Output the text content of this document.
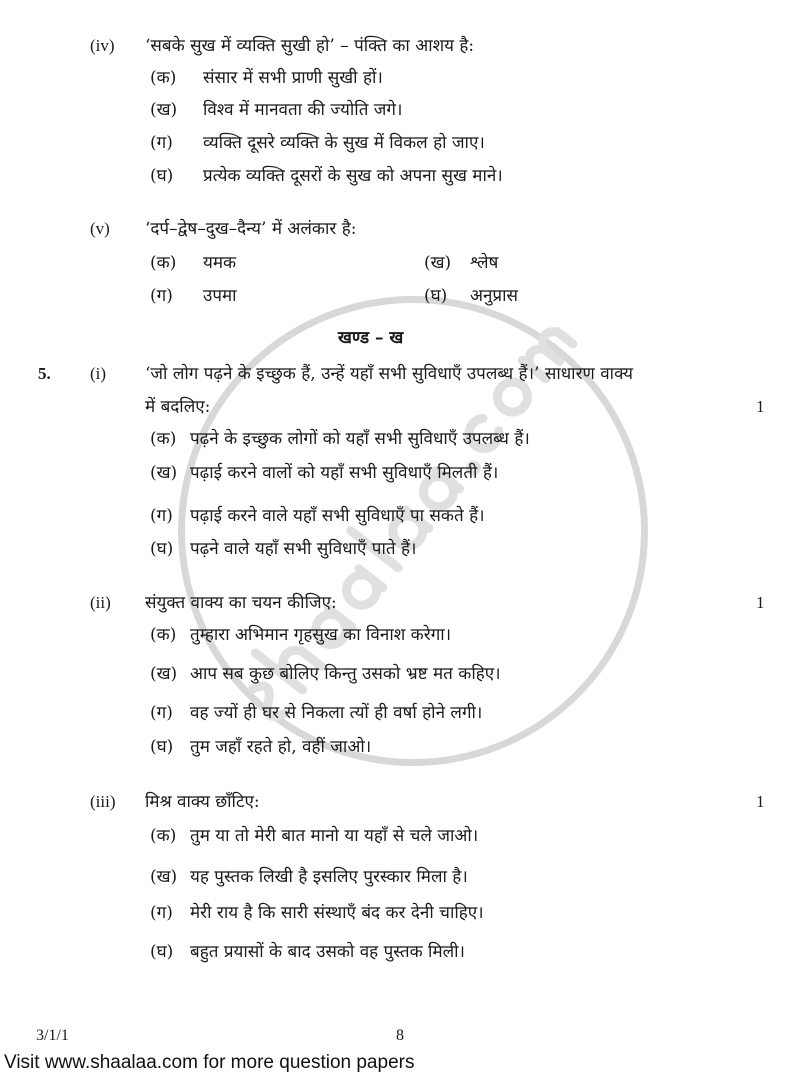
(iv)	‘सबके सुख में व्यक्ति सुखी हो’ – पंक्ति का आशय है:
(क)	संसार में सभी प्राणी सुखी हों।
(ख)	विश्व में मानवता की ज्योति जगे।
(ग)	व्यक्ति दूसरे व्यक्ति के सुख में विकल हो जाए।
(घ)	प्रत्येक व्यक्ति दूसरों के सुख को अपना सुख माने।
(v)	‘दर्प–द्वेष–दुख–दैन्य’ में अलंकार है:
(क)	यमक	(ख)	श्लेष
(ग)	उपमा	(घ)	अनुप्रास
खण्ड – ख
5.	(i)	‘जो लोग पढ़ने के इच्छुक हैं, उन्हें यहाँ सभी सुविधाएँ उपलब्ध हैं।’ साधारण वाक्य
में बदलिए:	1
(क) पढ़ने के इच्छुक लोगों को यहाँ सभी सुविधाएँ उपलब्ध हैं।
(ख) पढ़ाई करने वालों को यहाँ सभी सुविधाएँ मिलती हैं।
(ग)	पढ़ाई करने वाले यहाँ सभी सुविधाएँ पा सकते हैं।
(घ) पढ़ने वाले यहाँ सभी सुविधाएँ पाते हैं।
(ii)	संयुक्त वाक्य का चयन कीजिए:	1
(क) तुम्हारा अभिमान गृहसुख का विनाश करेगा।
(ख) आप सब कुछ बोलिए किन्तु उसको भ्रष्ट मत कहिए।
(ग)	वह ज्यों ही घर से निकला त्यों ही वर्षा होने लगी।
(घ) तुम जहाँ रहते हो, वहीं जाओ।
(iii)	मिश्र वाक्य छाँटिए:	1
(क) तुम या तो मेरी बात मानो या यहाँ से चले जाओ।
(ख) यह पुस्तक लिखी है इसलिए पुरस्कार मिला है।
(ग)	मेरी राय है कि सारी संस्थाएँ बंद कर देनी चाहिए।
(घ) बहुत प्रयासों के बाद उसको वह पुस्तक मिली।
3/1/1	8
Visit www.shaalaa.com for more question papers
